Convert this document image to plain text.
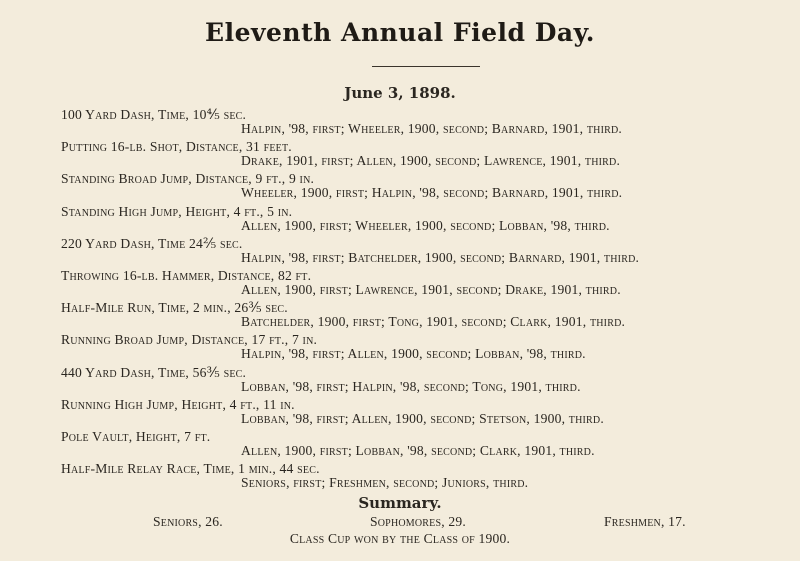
Eleventh Annual Field Day.
June 3, 1898.
100 Yard Dash, Time, 10⅘ sec.
Halpin, '98, first; Wheeler, 1900, second; Barnard, 1901, third.
Putting 16-lb. Shot, Distance, 31 feet.
Drake, 1901, first; Allen, 1900, second; Lawrence, 1901, third.
Standing Broad Jump, Distance, 9 ft., 9 in.
Wheeler, 1900, first; Halpin, '98, second; Barnard, 1901, third.
Standing High Jump, Height, 4 ft., 5 in.
Allen, 1900, first; Wheeler, 1900, second; Lobban, '98, third.
220 Yard Dash, Time 24⅖ sec.
Halpin, '98, first; Batchelder, 1900, second; Barnard, 1901, third.
Throwing 16-lb. Hammer, Distance, 82 ft.
Allen, 1900, first; Lawrence, 1901, second; Drake, 1901, third.
Half-Mile Run, Time, 2 min., 26⅗ sec.
Batchelder, 1900, first; Tong, 1901, second; Clark, 1901, third.
Running Broad Jump, Distance, 17 ft., 7 in.
Halpin, '98, first; Allen, 1900, second; Lobban, '98, third.
440 Yard Dash, Time, 56⅗ sec.
Lobban, '98, first; Halpin, '98, second; Tong, 1901, third.
Running High Jump, Height, 4 ft., 11 in.
Lobban, '98, first; Allen, 1900, second; Stetson, 1900, third.
Pole Vault, Height, 7 ft.
Allen, 1900, first; Lobban, '98, second; Clark, 1901, third.
Half-Mile Relay Race, Time, 1 min., 44 sec.
Seniors, first; Freshmen, second; Juniors, third.
Summary.
Seniors, 26.	Sophomores, 29.	Freshmen, 17.
Class Cup won by the Class of 1900.
